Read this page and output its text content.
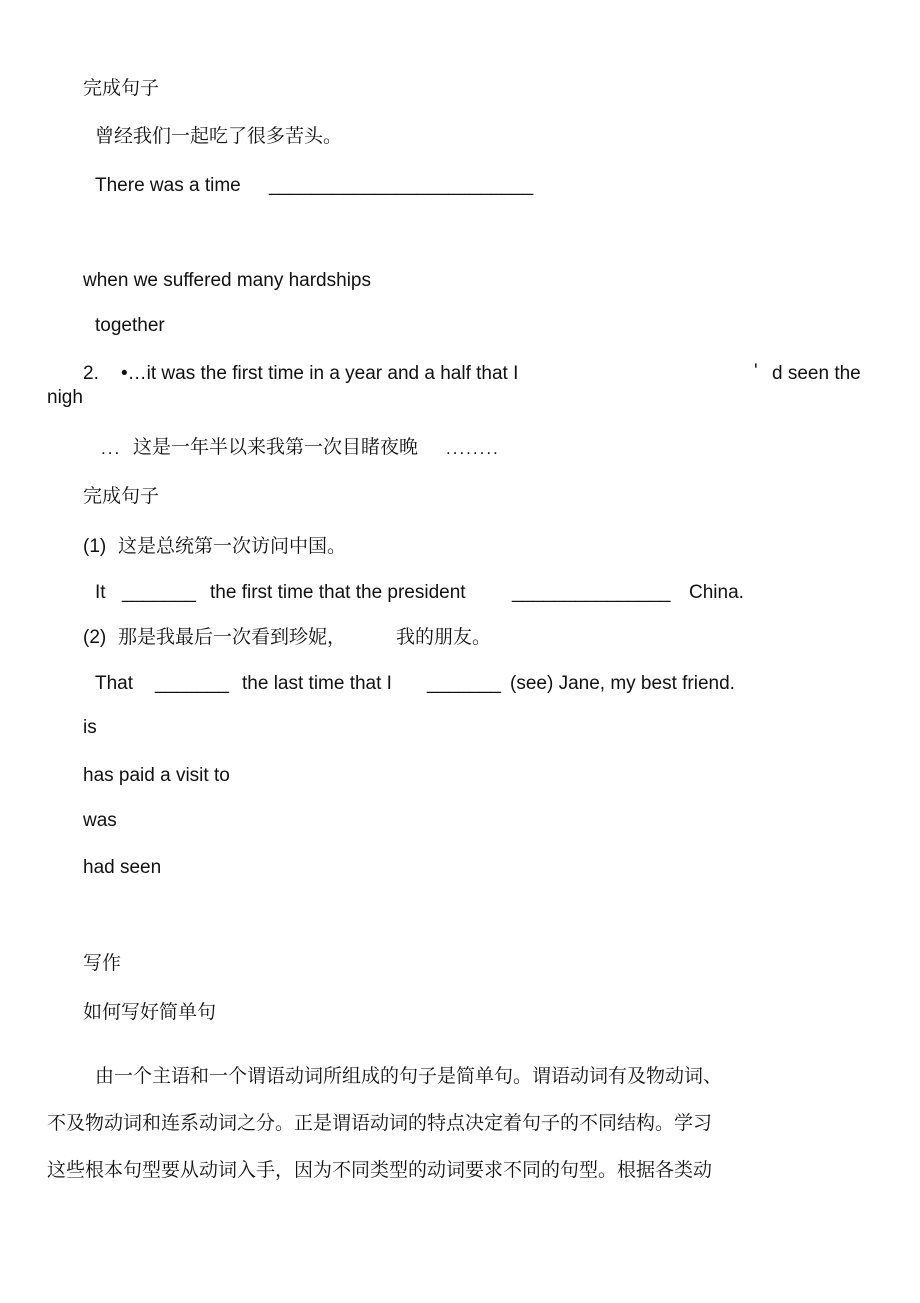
完成句子
曾经我们一起吃了很多苦头。
There was a time _________________________
when we suffered many hardships
together
2. •…it was the first time in a year and a half that I	' d seen the
nigh
... 这是一年半以来我第一次目睹夜晚 ........
完成句子
(1) 这是总统第一次访问中国。
It _______ the first time that the president _______________ China.
(2) 那是我最后一次看到珍妮，	我的朋友。
That _______ the last time that I _______ (see) Jane, my best friend.
is
has paid a visit to
was
had seen
写作
如何写好简单句
由一个主语和一个谓语动词所组成的句子是简单句。谓语动词有及物动词、
不及物动词和连系动词之分。正是谓语动词的特点决定着句子的不同结构。学习
这些根本句型要从动词入手，因为不同类型的动词要求不同的句型。根据各类动
